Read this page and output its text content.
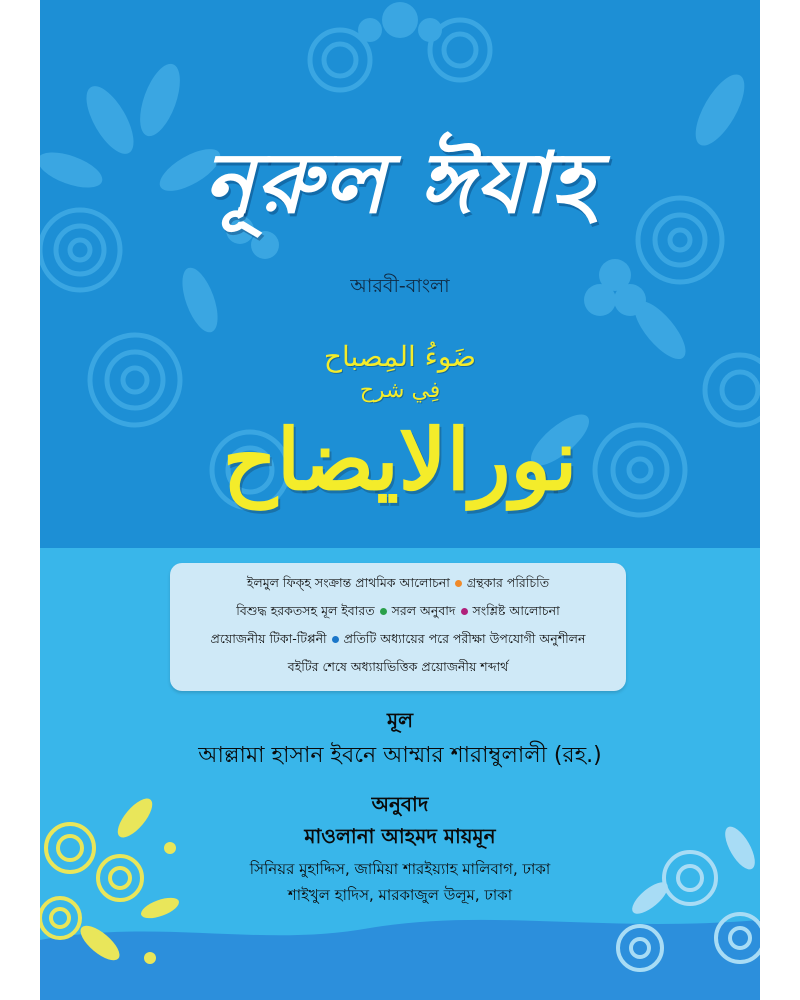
নূরুল ঈযাহ
আরবী-বাংলা
ضَوءُ المِصباح
فِي شرح
نورالايضاح
ইলমুল ফিক্হ সংক্রান্ত প্রাথমিক আলোচনা গ্রন্থকার পরিচিতি
বিশুদ্ধ হরকতসহ মূল ইবারত সরল অনুবাদ সংশ্লিষ্ট আলোচনা
প্রয়োজনীয় টিকা-টিপ্পনী প্রতিটি অধ্যায়ের পরে পরীক্ষা উপযোগী অনুশীলন
বইটির শেষে অধ্যায়ভিত্তিক প্রয়োজনীয় শব্দার্থ
মূল
আল্লামা হাসান ইবনে আম্মার শারাম্বুলালী (রহ.)
অনুবাদ
মাওলানা আহমদ মায়মূন
সিনিয়র মুহাদ্দিস, জামিয়া শারইয়্যাহ মালিবাগ, ঢাকা
শাইখুল হাদিস, মারকাজুল উলূম, ঢাকা
